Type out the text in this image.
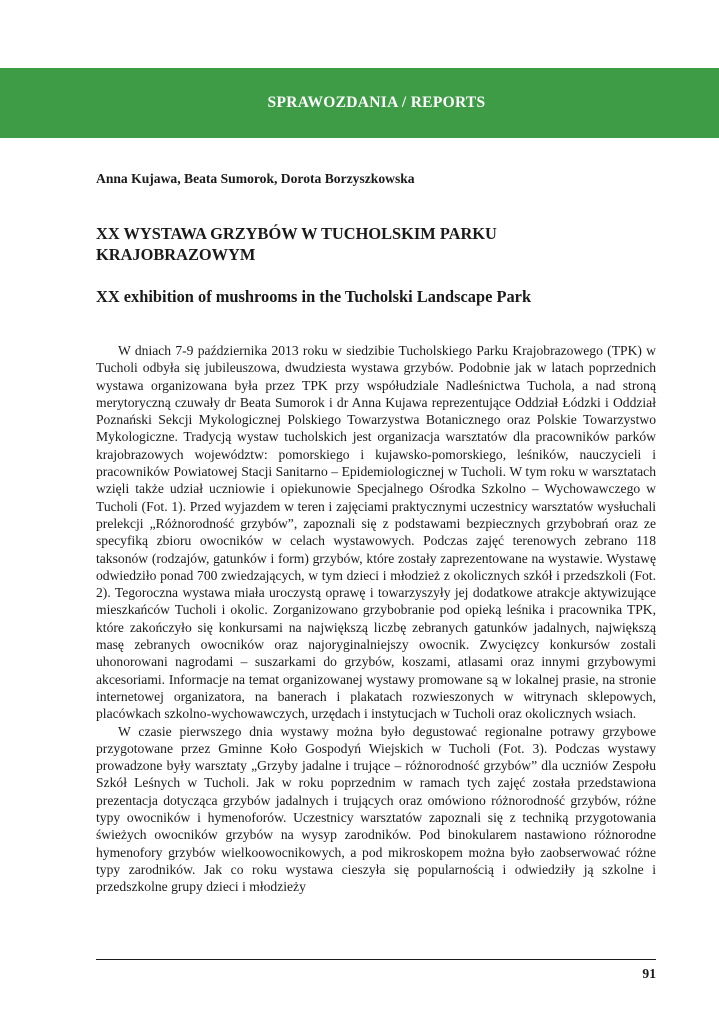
SPRAWOZDANIA / REPORTS
Anna Kujawa, Beata Sumorok, Dorota Borzyszkowska
XX WYSTAWA GRZYBÓW W TUCHOLSKIM PARKU KRAJOBRAZOWYM
XX exhibition of mushrooms in the Tucholski Landscape Park

W dniach 7-9 października 2013 roku w siedzibie Tucholskiego Parku Krajobrazowego (TPK) w Tucholi odbyła się jubileuszowa, dwudziesta wystawa grzybów. Podobnie jak w latach poprzednich wystawa organizowana była przez TPK przy współudziale Nadleśnictwa Tuchola, a nad stroną merytoryczną czuwały dr Beata Sumorok i dr Anna Kujawa reprezentujące Oddział Łódzki i Oddział Poznański Sekcji Mykologicznej Polskiego Towarzystwa Botanicznego oraz Polskie Towarzystwo Mykologiczne. Tradycją wystaw tucholskich jest organizacja warsztatów dla pracowników parków krajobrazowych województw: pomorskiego i kujawsko-pomorskiego, leśników, nauczycieli i pracowników Powiatowej Stacji Sanitarno – Epidemiologicznej w Tucholi. W tym roku w warsztatach wzięli także udział uczniowie i opiekunowie Specjalnego Ośrodka Szkolno – Wychowawczego w Tucholi (Fot. 1). Przed wyjazdem w teren i zajęciami praktycznymi uczestnicy warsztatów wysłuchali prelekcji „Różnorodność grzybów”, zapoznali się z podstawami bezpiecznych grzybobrań oraz ze specyfiką zbioru owocników w celach wystawowych. Podczas zajęć terenowych zebrano 118 taksonów (rodzajów, gatunków i form) grzybów, które zostały zaprezentowane na wystawie. Wystawę odwiedziło ponad 700 zwiedzających, w tym dzieci i młodzież z okolicznych szkół i przedszkoli (Fot. 2). Tegoroczna wystawa miała uroczystą oprawę i towarzyszyły jej dodatkowe atrakcje aktywizujące mieszkańców Tucholi i okolic. Zorganizowano grzybobranie pod opieką leśnika i pracownika TPK, które zakończyło się konkursami na największą liczbę zebranych gatunków jadalnych, największą masę zebranych owocników oraz najoryginalniejszy owocnik. Zwycięzcy konkursów zostali uhonorowani nagrodami – suszarkami do grzybów, koszami, atlasami oraz innymi grzybowymi akcesoriami. Informacje na temat organizowanej wystawy promowane są w lokalnej prasie, na stronie internetowej organizatora, na banerach i plakatach rozwieszonych w witrynach sklepowych, placówkach szkolno-wychowawczych, urzędach i instytucjach w Tucholi oraz okolicznych wsiach.

W czasie pierwszego dnia wystawy można było degustować regionalne potrawy grzybowe przygotowane przez Gminne Koło Gospodyń Wiejskich w Tucholi (Fot. 3). Podczas wystawy prowadzone były warsztaty „Grzyby jadalne i trujące – różnorodność grzybów” dla uczniów Zespołu Szkół Leśnych w Tucholi. Jak w roku poprzednim w ramach tych zajęć została przedstawiona prezentacja dotycząca grzybów jadalnych i trujących oraz omówiono różnorodność grzybów, różne typy owocników i hymenoforów. Uczestnicy warsztatów zapoznali się z techniką przygotowania świeżych owocników grzybów na wysyp zarodników. Pod binokularem nastawiono różnorodne hymenofory grzybów wielkoowocnikowych, a pod mikroskopem można było zaobserwować różne typy zarodników. Jak co roku wystawa cieszyła się popularnością i odwiedziły ją szkolne i przedszkolne grupy dzieci i młodzieży

91
